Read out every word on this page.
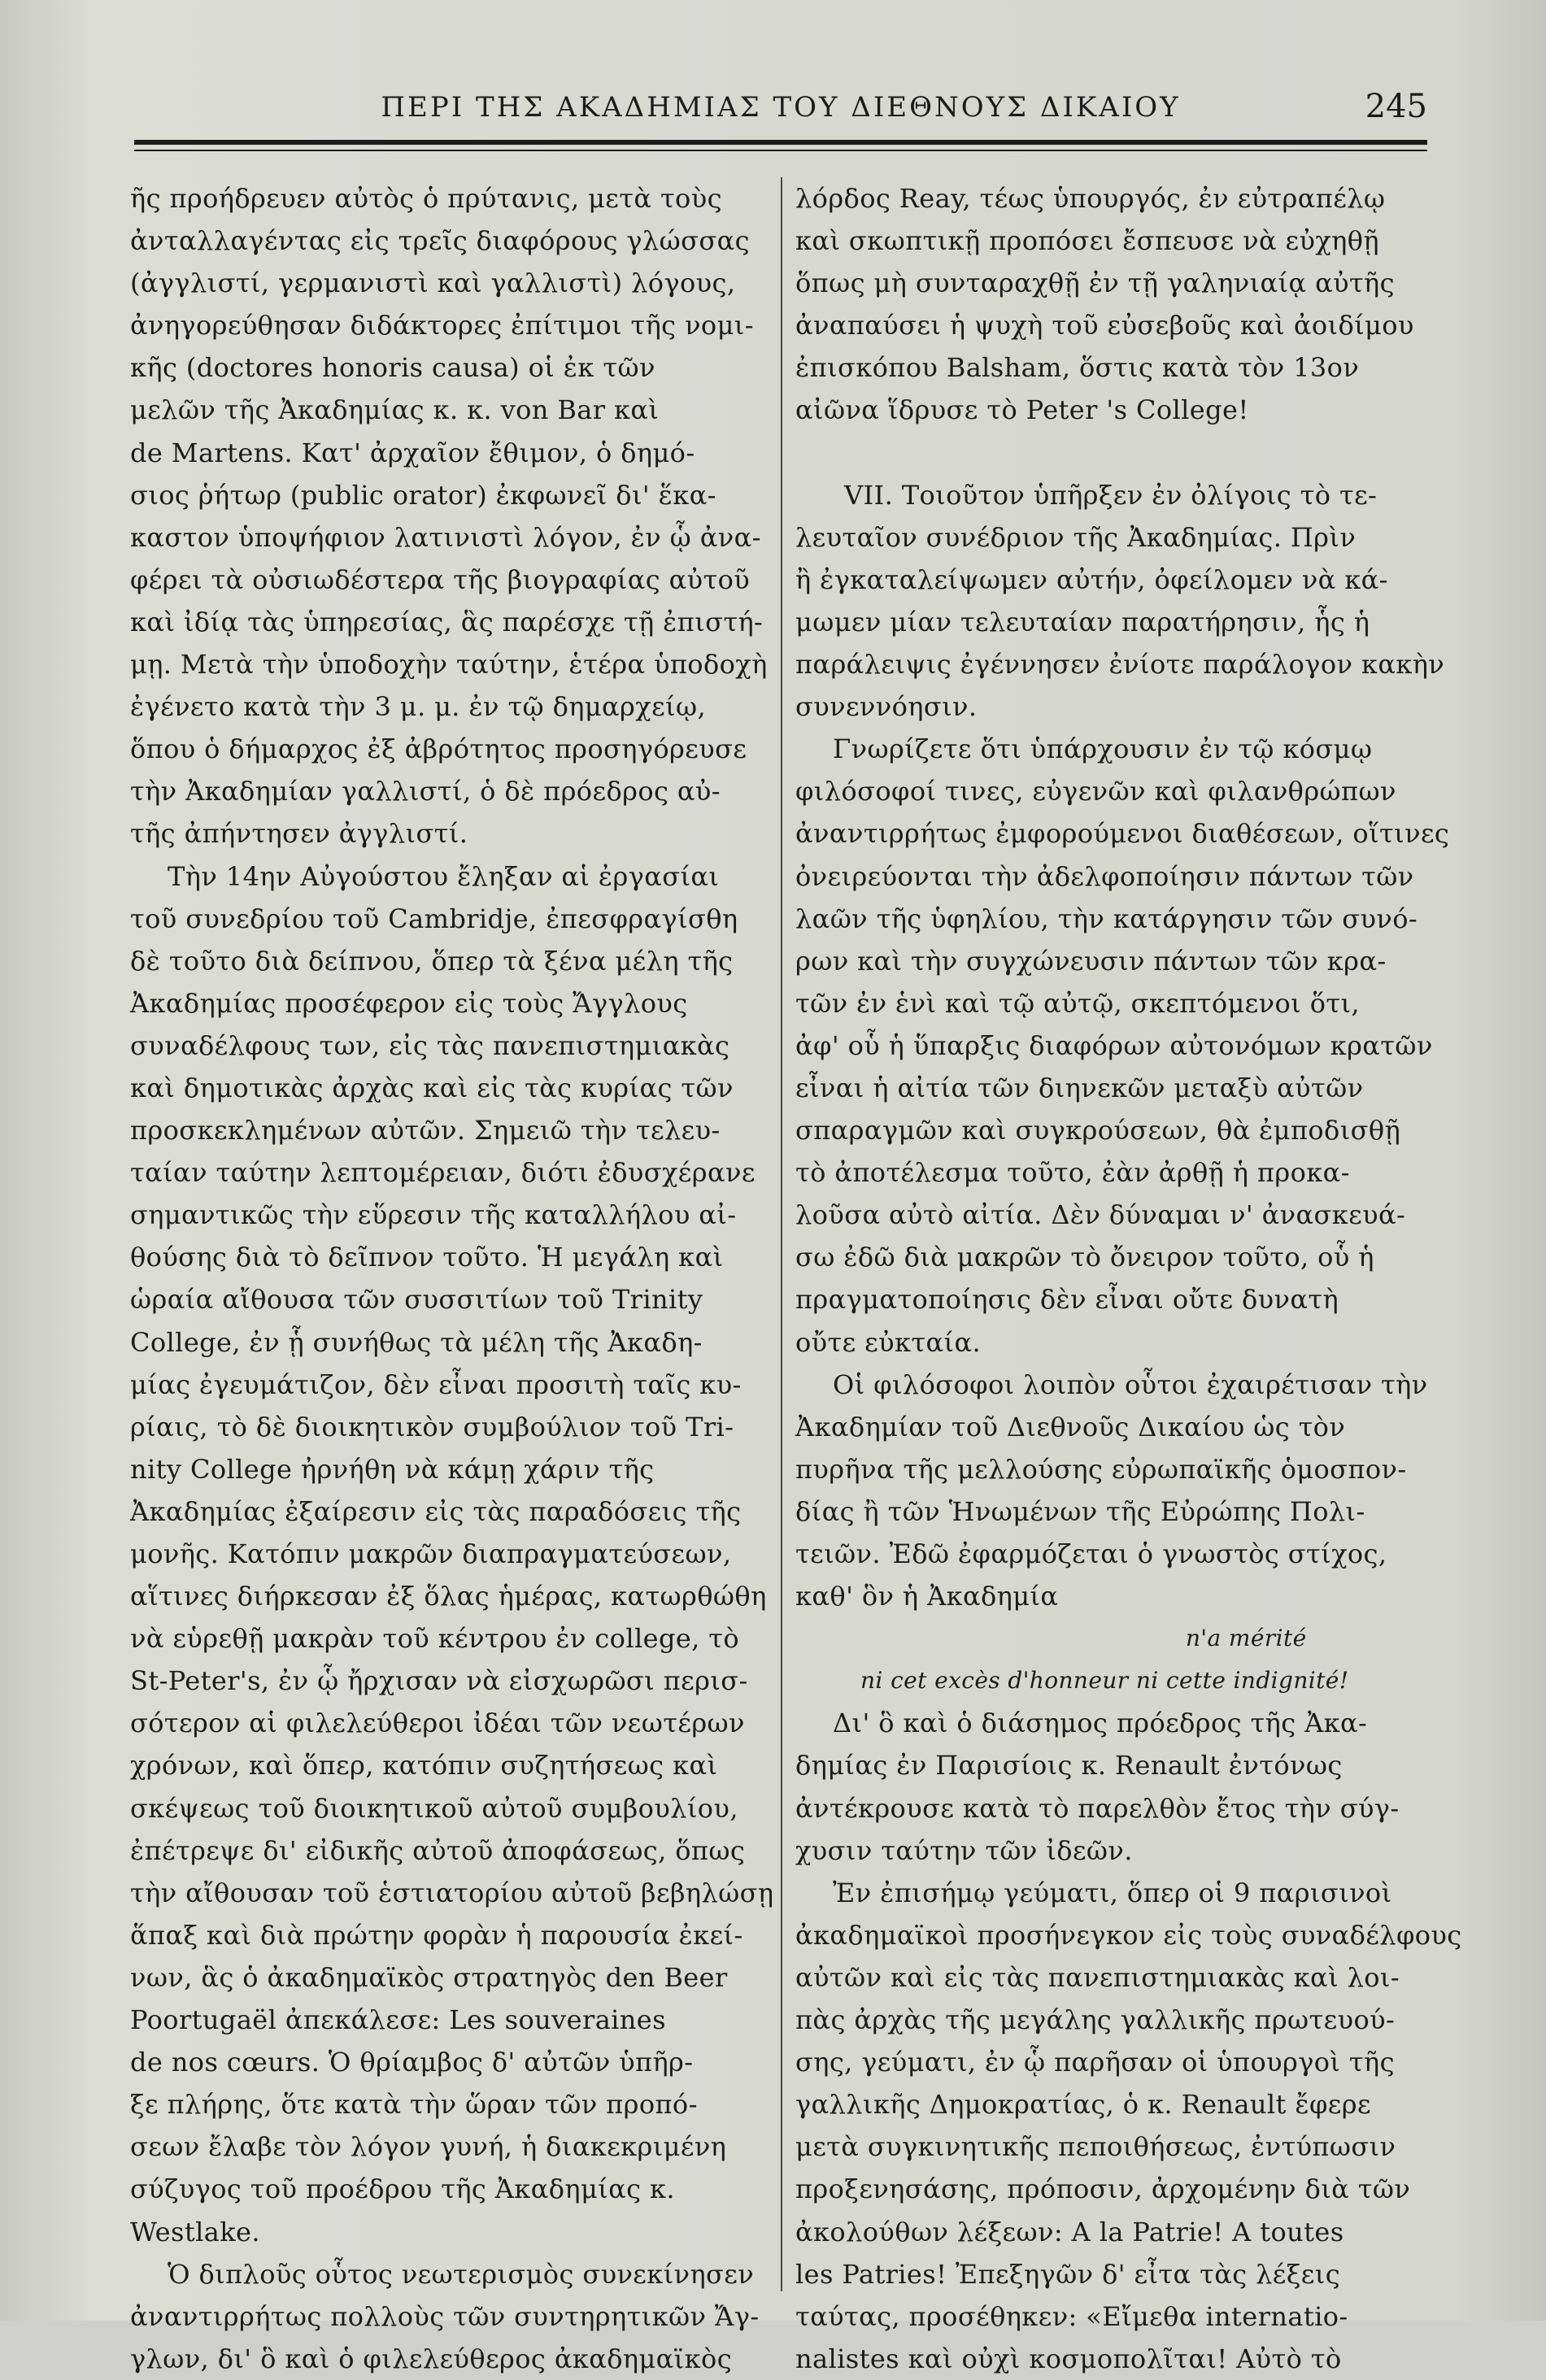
ΠΕΡΙ ΤΗΣ ΑΚΑΔΗΜΙΑΣ ΤΟΥ ΔΙΕΘΝΟΥΣ ΔΙΚΑΙΟΥ	245
ῆς προήδρευεν αὐτὸς ὁ πρύτανις, μετὰ τοὺς
ἀνταλλαγέντας εἰς τρεῖς διαφόρους γλώσσας
(ἀγγλιστί, γερμανιστὶ καὶ γαλλιστὶ) λόγους,
ἀνηγορεύθησαν διδάκτορες ἐπίτιμοι τῆς νομι-
κῆς (doctores honoris causa) οἱ ἐκ τῶν
μελῶν τῆς Ἀκαδημίας κ. κ. von Bar καὶ
de Martens. Κατ' ἀρχαῖον ἔθιμον, ὁ δημό-
σιος ῥήτωρ (public orator) ἐκφωνεῖ δι' ἕκα-
καστον ὑποψήφιον λατινιστὶ λόγον, ἐν ᾧ ἀνα-
φέρει τὰ οὐσιωδέστερα τῆς βιογραφίας αὐτοῦ
καὶ ἰδίᾳ τὰς ὑπηρεσίας, ἃς παρέσχε τῇ ἐπιστή-
μῃ. Μετὰ τὴν ὑποδοχὴν ταύτην, ἑτέρα ὑποδοχὴ
ἐγένετο κατὰ τὴν 3 μ. μ. ἐν τῷ δημαρχείῳ,
ὅπου ὁ δήμαρχος ἐξ ἀβρότητος προσηγόρευσε
τὴν Ἀκαδημίαν γαλλιστί, ὁ δὲ πρόεδρος αὐ-
τῆς ἀπήντησεν ἀγγλιστί.
Τὴν 14ην Αὐγούστου ἔληξαν αἱ ἐργασίαι
τοῦ συνεδρίου τοῦ Cambridje, ἐπεσφραγίσθη
δὲ τοῦτο διὰ δείπνου, ὅπερ τὰ ξένα μέλη τῆς
Ἀκαδημίας προσέφερον εἰς τοὺς Ἄγγλους
συναδέλφους των, εἰς τὰς πανεπιστημιακὰς
καὶ δημοτικὰς ἀρχὰς καὶ εἰς τὰς κυρίας τῶν
προσκεκλημένων αὐτῶν. Σημειῶ τὴν τελευ-
ταίαν ταύτην λεπτομέρειαν, διότι ἐδυσχέρανε
σημαντικῶς τὴν εὕρεσιν τῆς καταλλήλου αἰ-
θούσης διὰ τὸ δεῖπνον τοῦτο. Ἡ μεγάλη καὶ
ὡραία αἴθουσα τῶν συσσιτίων τοῦ Trinity
College, ἐν ᾗ συνήθως τὰ μέλη τῆς Ἀκαδη-
μίας ἐγευμάτιζον, δὲν εἶναι προσιτὴ ταῖς κυ-
ρίαις, τὸ δὲ διοικητικὸν συμβούλιον τοῦ Tri-
nity College ἠρνήθη νὰ κάμῃ χάριν τῆς
Ἀκαδημίας ἐξαίρεσιν εἰς τὰς παραδόσεις τῆς
μονῆς. Κατόπιν μακρῶν διαπραγματεύσεων,
αἵτινες διήρκεσαν ἐξ ὅλας ἡμέρας, κατωρθώθη
νὰ εὑρεθῇ μακρὰν τοῦ κέντρου ἐν college, τὸ
St-Peter's, ἐν ᾧ ἤρχισαν νὰ εἰσχωρῶσι περισ-
σότερον αἱ φιλελεύθεροι ἰδέαι τῶν νεωτέρων
χρόνων, καὶ ὅπερ, κατόπιν συζητήσεως καὶ
σκέψεως τοῦ διοικητικοῦ αὐτοῦ συμβουλίου,
ἐπέτρεψε δι' εἰδικῆς αὐτοῦ ἀποφάσεως, ὅπως
τὴν αἴθουσαν τοῦ ἑστιατορίου αὐτοῦ βεβηλώσῃ
ἅπαξ καὶ διὰ πρώτην φορὰν ἡ παρουσία ἐκεί-
νων, ἃς ὁ ἀκαδημαϊκὸς στρατηγὸς den Beer
Poortugaël ἀπεκάλεσε: Les souveraines
de nos cœurs. Ὁ θρίαμβος δ' αὐτῶν ὑπῆρ-
ξε πλήρης, ὅτε κατὰ τὴν ὥραν τῶν προπό-
σεων ἔλαβε τὸν λόγον γυνή, ἡ διακεκριμένη
σύζυγος τοῦ προέδρου τῆς Ἀκαδημίας κ.
Westlake.
Ὁ διπλοῦς οὗτος νεωτερισμὸς συνεκίνησεν
ἀναντιρρήτως πολλοὺς τῶν συντηρητικῶν Ἄγ-
γλων, δι' ὃ καὶ ὁ φιλελεύθερος ἀκαδημαϊκὸς
λόρδος Reay, τέως ὑπουργός, ἐν εὐτραπέλῳ
καὶ σκωπτικῇ προπόσει ἔσπευσε νὰ εὐχηθῇ
ὅπως μὴ συνταραχθῇ ἐν τῇ γαληνιαίᾳ αὐτῆς
ἀναπαύσει ἡ ψυχὴ τοῦ εὐσεβοῦς καὶ ἀοιδίμου
ἐπισκόπου Balsham, ὅστις κατὰ τὸν 13ον
αἰῶνα ἵδρυσε τὸ Peter 's College!
VII. Τοιοῦτον ὑπῆρξεν ἐν ὀλίγοις τὸ τε-
λευταῖον συνέδριον τῆς Ἀκαδημίας. Πρὶν
ἢ ἐγκαταλείψωμεν αὐτήν, ὀφείλομεν νὰ κά-
μωμεν μίαν τελευταίαν παρατήρησιν, ἧς ἡ
παράλειψις ἐγέννησεν ἐνίοτε παράλογον κακὴν
συνεννόησιν.
Γνωρίζετε ὅτι ὑπάρχουσιν ἐν τῷ κόσμῳ
φιλόσοφοί τινες, εὐγενῶν καὶ φιλανθρώπων
ἀναντιρρήτως ἐμφορούμενοι διαθέσεων, οἵτινες
ὀνειρεύονται τὴν ἀδελφοποίησιν πάντων τῶν
λαῶν τῆς ὑφηλίου, τὴν κατάργησιν τῶν συνό-
ρων καὶ τὴν συγχώνευσιν πάντων τῶν κρα-
τῶν ἐν ἑνὶ καὶ τῷ αὐτῷ, σκεπτόμενοι ὅτι,
ἀφ' οὗ ἡ ὕπαρξις διαφόρων αὐτονόμων κρατῶν
εἶναι ἡ αἰτία τῶν διηνεκῶν μεταξὺ αὐτῶν
σπαραγμῶν καὶ συγκρούσεων, θὰ ἐμποδισθῇ
τὸ ἀποτέλεσμα τοῦτο, ἐὰν ἀρθῇ ἡ προκα-
λοῦσα αὐτὸ αἰτία. Δὲν δύναμαι ν' ἀνασκευά-
σω ἐδῶ διὰ μακρῶν τὸ ὄνειρον τοῦτο, οὗ ἡ
πραγματοποίησις δὲν εἶναι οὔτε δυνατὴ
οὔτε εὐκταία.
Οἱ φιλόσοφοι λοιπὸν οὗτοι ἐχαιρέτισαν τὴν
Ἀκαδημίαν τοῦ Διεθνοῦς Δικαίου ὡς τὸν
πυρῆνα τῆς μελλούσης εὐρωπαϊκῆς ὁμοσπον-
δίας ἢ τῶν Ἡνωμένων τῆς Εὐρώπης Πολι-
τειῶν. Ἐδῶ ἐφαρμόζεται ὁ γνωστὸς στίχος,
καθ' ὃν ἡ Ἀκαδημία
n'a mérité
ni cet excès d'honneur ni cette indignité!
Δι' ὃ καὶ ὁ διάσημος πρόεδρος τῆς Ἀκα-
δημίας ἐν Παρισίοις κ. Renault ἐντόνως
ἀντέκρουσε κατὰ τὸ παρελθὸν ἔτος τὴν σύγ-
χυσιν ταύτην τῶν ἰδεῶν.
Ἐν ἐπισήμῳ γεύματι, ὅπερ οἱ 9 παρισινοὶ
ἀκαδημαϊκοὶ προσήνεγκον εἰς τοὺς συναδέλφους
αὐτῶν καὶ εἰς τὰς πανεπιστημιακὰς καὶ λοι-
πὰς ἀρχὰς τῆς μεγάλης γαλλικῆς πρωτευού-
σης, γεύματι, ἐν ᾧ παρῆσαν οἱ ὑπουργοὶ τῆς
γαλλικῆς Δημοκρατίας, ὁ κ. Renault ἔφερε
μετὰ συγκινητικῆς πεποιθήσεως, ἐντύπωσιν
προξενησάσης, πρόποσιν, ἀρχομένην διὰ τῶν
ἀκολούθων λέξεων: A la Patrie! A toutes
les Patries! Ἐπεξηγῶν δ' εἶτα τὰς λέξεις
ταύτας, προσέθηκεν: «Εἴμεθα internatio-
nalistes καὶ οὐχὶ κοσμοπολῖται! Αὐτὸ τὸ
